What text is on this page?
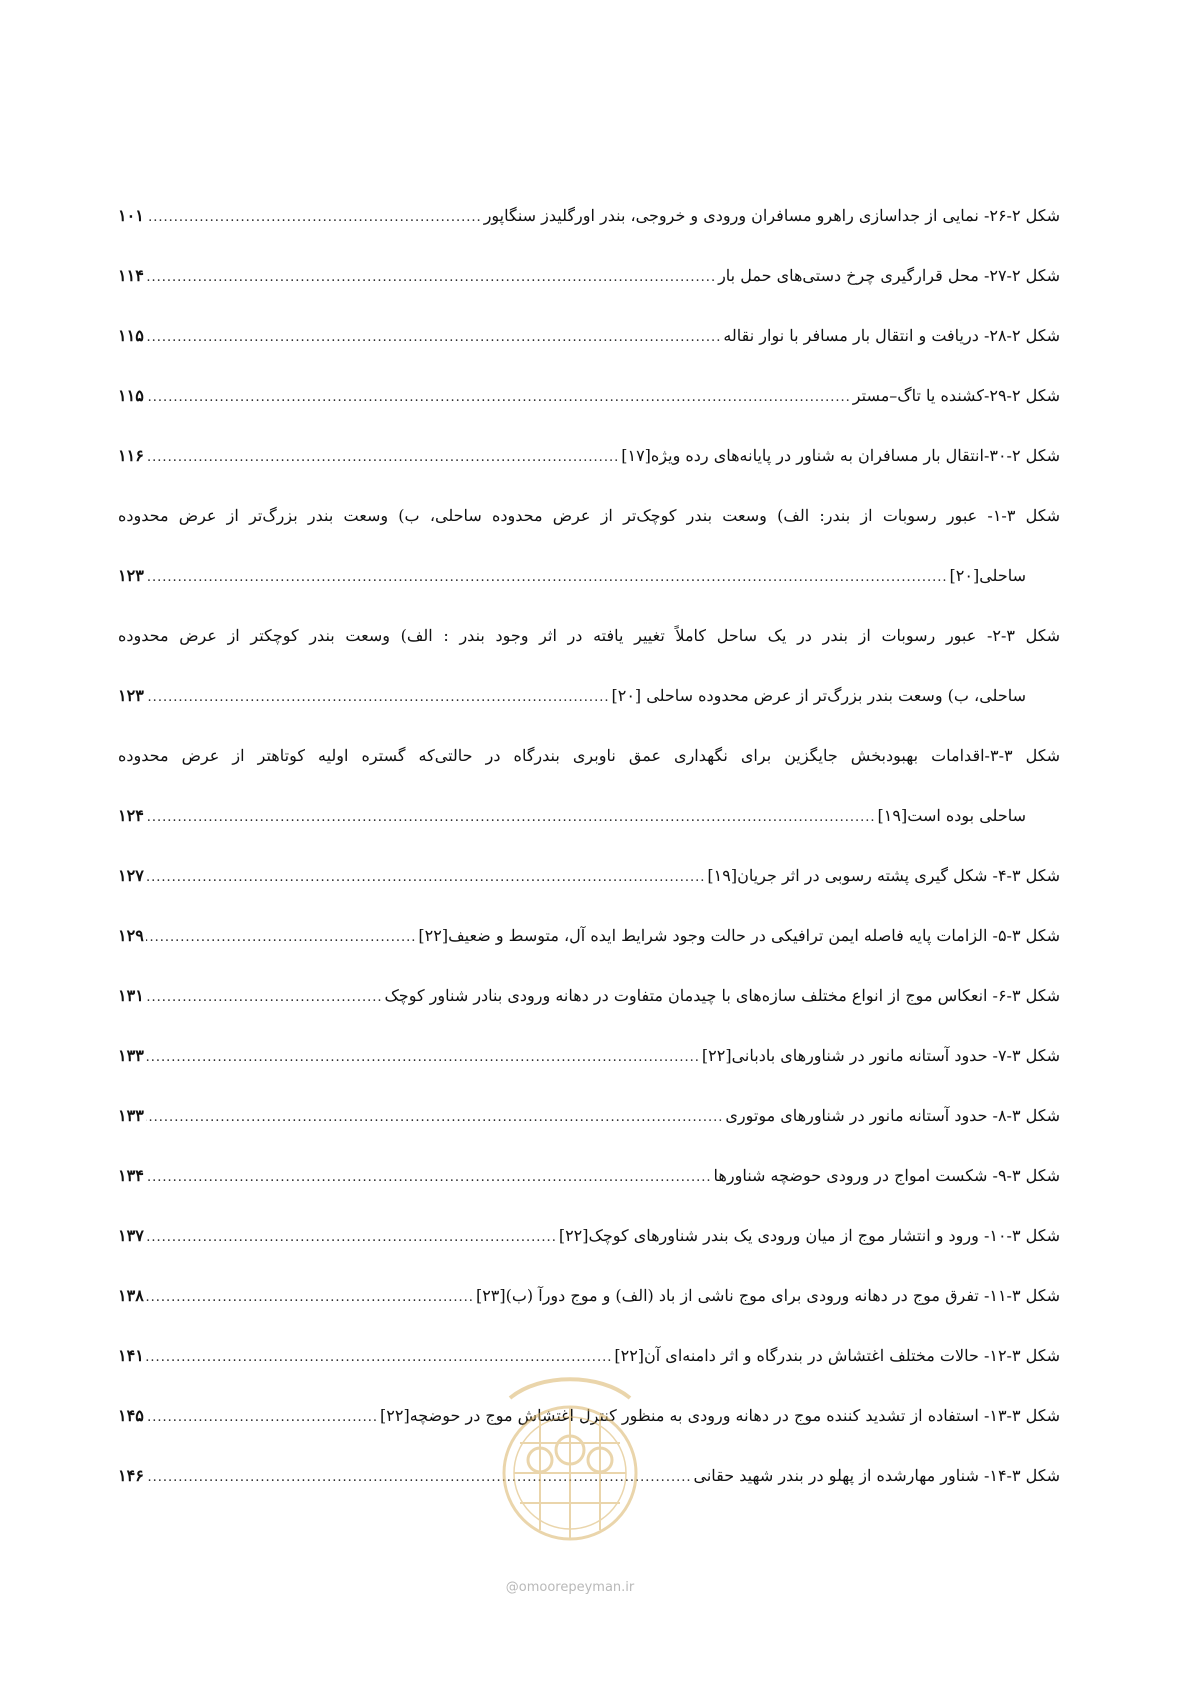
شکل ۲-۲۶- نمایی از جداسازی راهرو مسافران ورودی و خروجی، بندر اورگلیدز سنگاپور
.....
۱۰۱
شکل ۲-۲۷- محل قرارگیری چرخ دستی‌های حمل بار
.....
۱۱۴
شکل ۲-۲۸- دریافت و انتقال بار مسافر با نوار نقاله
.....
۱۱۵
شکل ۲-۲۹-کشنده یا تاگ–مستر
.....
۱۱۵
شکل ۲-۳۰-انتقال بار مسافران به شناور در پایانه‌های رده ویژه[۱۷]
.....
۱۱۶
شکل ۳-۱- عبور رسوبات از بندر: الف) وسعت بندر کوچک‌تر از عرض محدوده ساحلی، ب) وسعت بندر بزرگ‌تر از عرض محدوده
ساحلی[۲۰]
.....
۱۲۳
شکل ۳-۲- عبور رسوبات از بندر در یک ساحل کاملاً تغییر یافته در اثر وجود بندر : الف) وسعت بندر کوچکتر از عرض محدوده
ساحلی، ب) وسعت بندر بزرگ‌تر از عرض محدوده ساحلی [۲۰]
.....
۱۲۳
شکل ۳-۳-اقدامات بهبودبخش جایگزین برای نگهداری عمق ناوبری بندرگاه در حالتی‌که گستره اولیه کوتاهتر از عرض محدوده
ساحلی بوده است[۱۹]
.....
۱۲۴
شکل ۳-۴- شکل گیری پشته رسوبی در اثر جریان[۱۹]
.....
۱۲۷
شکل ۳-۵- الزامات پایه فاصله ایمن ترافیکی در حالت وجود شرایط ایده آل، متوسط و ضعیف[۲۲]
.....
۱۲۹
شکل ۳-۶- انعکاس موج از انواع مختلف سازه‌های با چیدمان متفاوت در دهانه ورودی بنادر شناور کوچک
.....
۱۳۱
شکل ۳-۷- حدود آستانه مانور در شناورهای بادبانی[۲۲]
.....
۱۳۳
شکل ۳-۸- حدود آستانه مانور در شناورهای موتوری
.....
۱۳۳
شکل ۳-۹- شکست امواج در ورودی حوضچه شناورها
.....
۱۳۴
شکل ۳-۱۰- ورود و انتشار موج از میان ورودی یک بندر شناورهای کوچک[۲۲]
.....
۱۳۷
شکل ۳-۱۱- تفرق موج در دهانه ورودی برای موج ناشی از باد (الف) و موج دورآ (ب)[۲۳]
.....
۱۳۸
شکل ۳-۱۲- حالات مختلف اغتشاش در بندرگاه و اثر دامنه‌ای آن[۲۲]
.....
۱۴۱
شکل ۳-۱۳- استفاده از تشدید کننده موج در دهانه ورودی به منظور کنترل اغتشاش موج در حوضچه[۲۲]
.....
۱۴۵
شکل ۳-۱۴- شناور مهارشده از پهلو در بندر شهید حقانی
.....
۱۴۶
@omoorepeyman.ir
